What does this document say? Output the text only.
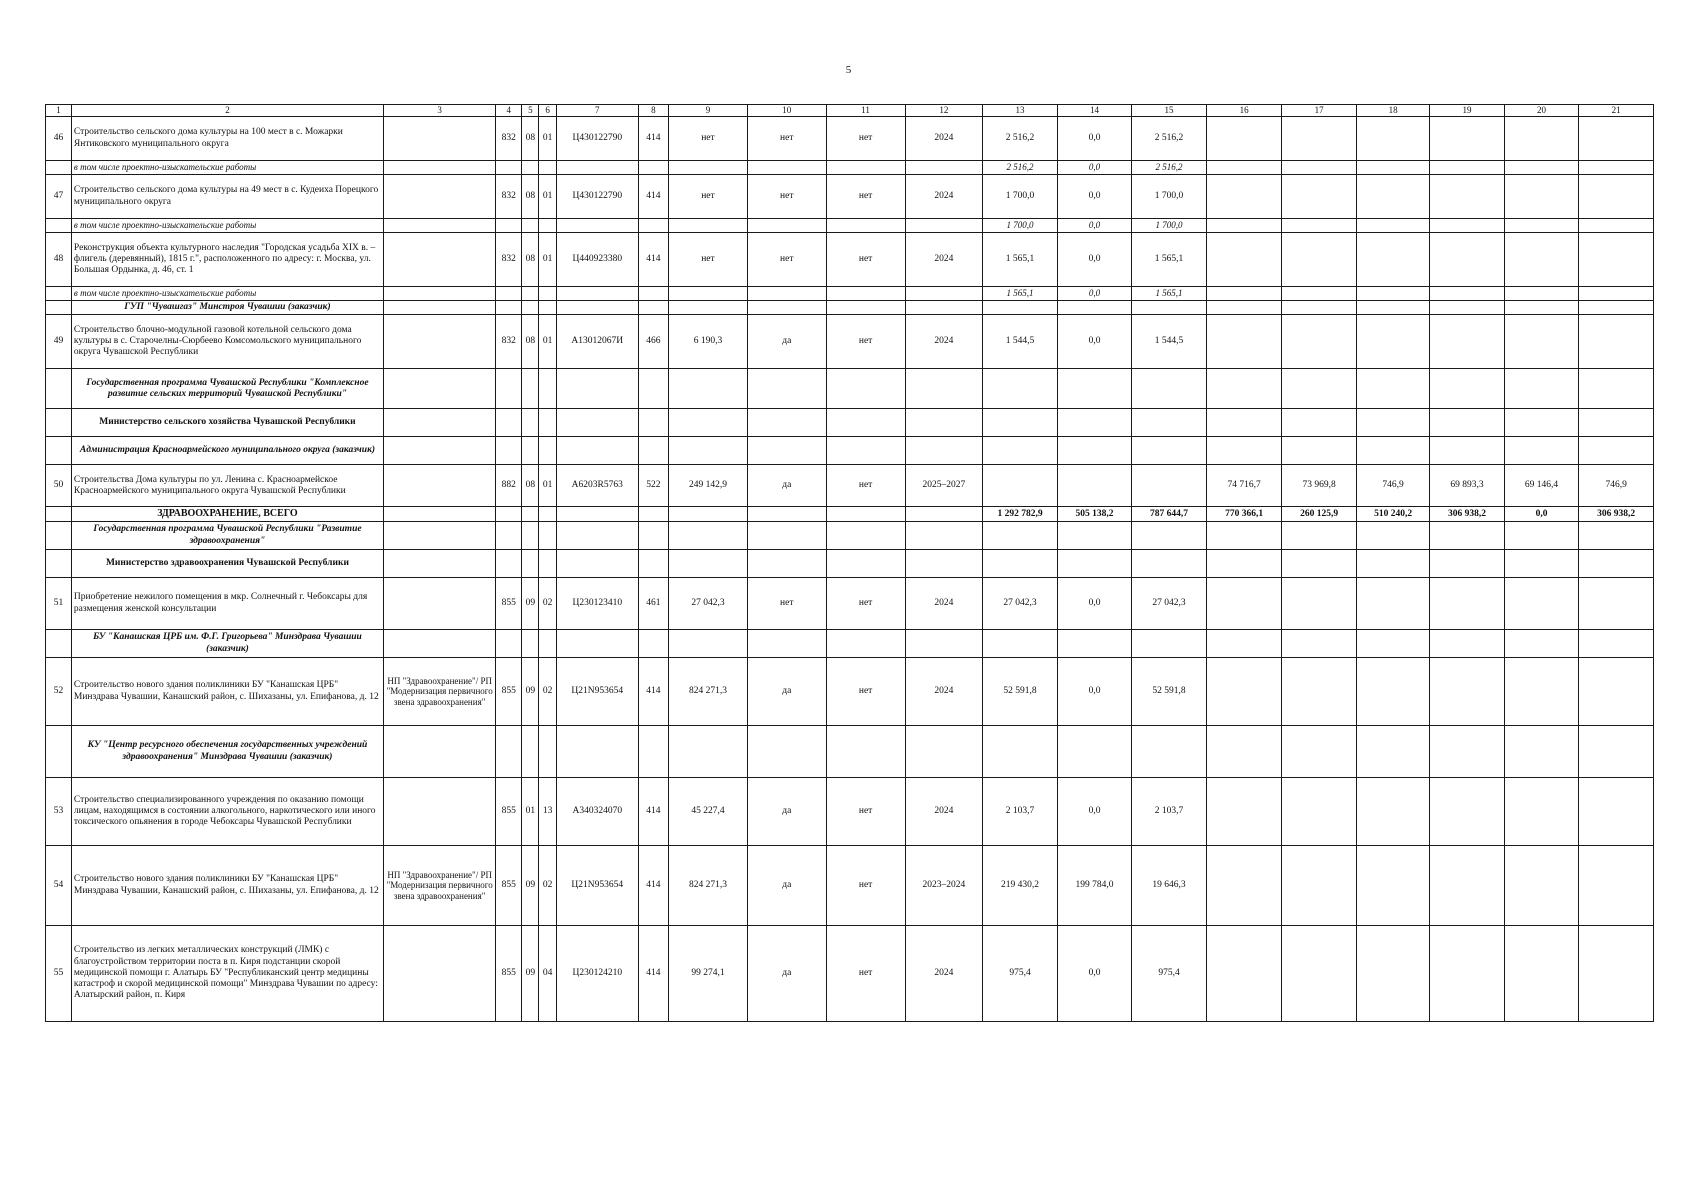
5
1	2	3	4	5	6	7	8	9	10	11	12	13	14	15	16	17	18	19	20	21
46	Строительство сельского дома культуры на 100 мест в с. Можарки Янтиковского муниципального округа		832	08	01	Ц430122790	414	нет	нет	нет	2024	2 516,2	0,0	2 516,2						
	в том числе проектно-изыскательские работы											2 516,2	0,0	2 516,2						
47	Строительство сельского дома культуры на 49 мест в с. Кудеиха Порецкого муниципального округа		832	08	01	Ц430122790	414	нет	нет	нет	2024	1 700,0	0,0	1 700,0						
	в том числе проектно-изыскательские работы											1 700,0	0,0	1 700,0						
48	Реконструкция объекта культурного наследия "Городская усадьба XIX в. – флигель (деревянный), 1815 г.", расположенного по адресу: г. Москва, ул. Большая Ордынка, д. 46, ст. 1		832	08	01	Ц440923380	414	нет	нет	нет	2024	1 565,1	0,0	1 565,1						
	в том числе проектно-изыскательские работы											1 565,1	0,0	1 565,1						
	ГУП "Чувашгаз" Минстроя Чувашии (заказчик)																			
49	Строительство блочно-модульной газовой котельной сельского дома культуры в с. Старочелны-Сюрбеево Комсомольского муниципального округа Чувашской Республики		832	08	01	А13012067И	466	6 190,3	да	нет	2024	1 544,5	0,0	1 544,5						
	Государственная программа Чувашской Республики "Комплексное развитие сельских территорий Чувашской Республики"																			
	Министерство сельского хозяйства Чувашской Республики																			
	Администрация Красноармейского муниципального округа (заказчик)																			
50	Строительства Дома культуры по ул. Ленина с. Красноармейское Красноармейского муниципального округа Чувашской Республики		882	08	01	А6203R5763	522	249 142,9	да	нет	2025–2027				74 716,7	73 969,8	746,9	69 893,3	69 146,4	746,9
	ЗДРАВООХРАНЕНИЕ, ВСЕГО											1 292 782,9	505 138,2	787 644,7	770 366,1	260 125,9	510 240,2	306 938,2	0,0	306 938,2
	Государственная программа Чувашской Республики "Развитие здравоохранения"																			
	Министерство здравоохранения Чувашской Республики																			
51	Приобретение нежилого помещения в мкр. Солнечный г. Чебоксары для размещения женской консультации		855	09	02	Ц230123410	461	27 042,3	нет	нет	2024	27 042,3	0,0	27 042,3						
	БУ "Канашская ЦРБ им. Ф.Г. Григорьева" Минздрава Чувашии (заказчик)																			
52	Строительство нового здания поликлиники БУ "Канашская ЦРБ" Минздрава Чувашии, Канашский район, с. Шихазаны, ул. Епифанова, д. 12	НП "Здравоохранение"/ РП "Модернизация первичного звена здравоохранения"	855	09	02	Ц21N953654	414	824 271,3	да	нет	2024	52 591,8	0,0	52 591,8						
	КУ "Центр ресурсного обеспечения государственных учреждений здравоохранения" Минздрава Чувашии (заказчик)																			
53	Строительство специализированного учреждения по оказанию помощи лицам, находящимся в состоянии алкогольного, наркотического или иного токсического опьянения в городе Чебоксары Чувашской Республики		855	01	13	А340324070	414	45 227,4	да	нет	2024	2 103,7	0,0	2 103,7						
54	Строительство нового здания поликлиники БУ "Канашская ЦРБ" Минздрава Чувашии, Канашский район, с. Шихазаны, ул. Епифанова, д. 12	НП "Здравоохранение"/ РП "Модернизация первичного звена здравоохранения"	855	09	02	Ц21N953654	414	824 271,3	да	нет	2023–2024	219 430,2	199 784,0	19 646,3						
55	Строительство из легких металлических конструкций (ЛМК) с благоустройством территории поста в п. Киря подстанции скорой медицинской помощи г. Алатырь БУ "Республиканский центр медицины катастроф и скорой медицинской помощи" Минздрава Чувашии по адресу: Алатырский район, п. Киря		855	09	04	Ц230124210	414	99 274,1	да	нет	2024	975,4	0,0	975,4						
